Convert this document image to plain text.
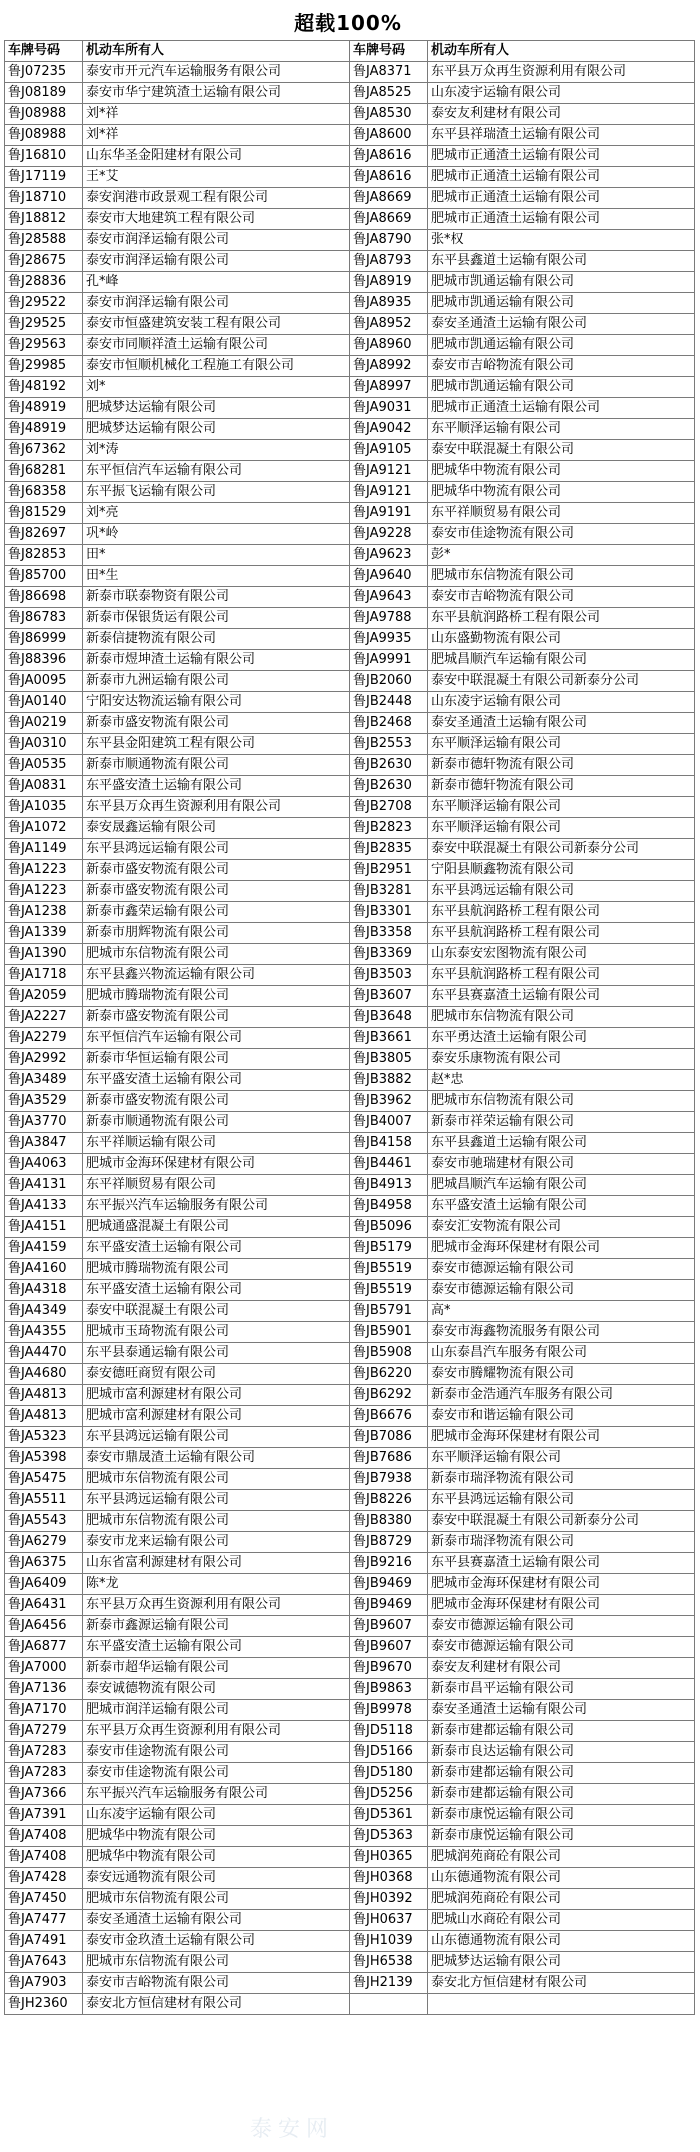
超载100%
车牌号码	机动车所有人	车牌号码	机动车所有人
鲁J07235	泰安市开元汽车运输服务有限公司	鲁JA8371	东平县万众再生资源利用有限公司
鲁J08189	泰安市华宁建筑渣土运输有限公司	鲁JA8525	山东凌宇运输有限公司
鲁J08988	刘*祥	鲁JA8530	泰安友利建材有限公司
鲁J08988	刘*祥	鲁JA8600	东平县祥瑞渣土运输有限公司
鲁J16810	山东华圣金阳建材有限公司	鲁JA8616	肥城市正通渣土运输有限公司
鲁J17119	王*艾	鲁JA8616	肥城市正通渣土运输有限公司
鲁J18710	泰安润港市政景观工程有限公司	鲁JA8669	肥城市正通渣土运输有限公司
鲁J18812	泰安市大地建筑工程有限公司	鲁JA8669	肥城市正通渣土运输有限公司
鲁J28588	泰安市润泽运输有限公司	鲁JA8790	张*权
鲁J28675	泰安市润泽运输有限公司	鲁JA8793	东平县鑫道土运输有限公司
鲁J28836	孔*峰	鲁JA8919	肥城市凯通运输有限公司
鲁J29522	泰安市润泽运输有限公司	鲁JA8935	肥城市凯通运输有限公司
鲁J29525	泰安市恒盛建筑安装工程有限公司	鲁JA8952	泰安圣通渣土运输有限公司
鲁J29563	泰安市同顺祥渣土运输有限公司	鲁JA8960	肥城市凯通运输有限公司
鲁J29985	泰安市恒顺机械化工程施工有限公司	鲁JA8992	泰安市吉峪物流有限公司
鲁J48192	刘*	鲁JA8997	肥城市凯通运输有限公司
鲁J48919	肥城梦达运输有限公司	鲁JA9031	肥城市正通渣土运输有限公司
鲁J48919	肥城梦达运输有限公司	鲁JA9042	东平顺泽运输有限公司
鲁J67362	刘*涛	鲁JA9105	泰安中联混凝土有限公司
鲁J68281	东平恒信汽车运输有限公司	鲁JA9121	肥城华中物流有限公司
鲁J68358	东平振飞运输有限公司	鲁JA9121	肥城华中物流有限公司
鲁J81529	刘*亮	鲁JA9191	东平祥顺贸易有限公司
鲁J82697	巩*岭	鲁JA9228	泰安市佳途物流有限公司
鲁J82853	田*	鲁JA9623	彭*
鲁J85700	田*生	鲁JA9640	肥城市东信物流有限公司
鲁J86698	新泰市联泰物资有限公司	鲁JA9643	泰安市吉峪物流有限公司
鲁J86783	新泰市保银货运有限公司	鲁JA9788	东平县航润路桥工程有限公司
鲁J86999	新泰信捷物流有限公司	鲁JA9935	山东盛勤物流有限公司
鲁J88396	新泰市煜坤渣土运输有限公司	鲁JA9991	肥城昌顺汽车运输有限公司
鲁JA0095	新泰市九洲运输有限公司	鲁JB2060	泰安中联混凝土有限公司新泰分公司
鲁JA0140	宁阳安达物流运输有限公司	鲁JB2448	山东凌宇运输有限公司
鲁JA0219	新泰市盛安物流有限公司	鲁JB2468	泰安圣通渣土运输有限公司
鲁JA0310	东平县金阳建筑工程有限公司	鲁JB2553	东平顺泽运输有限公司
鲁JA0535	新泰市顺通物流有限公司	鲁JB2630	新泰市德轩物流有限公司
鲁JA0831	东平盛安渣土运输有限公司	鲁JB2630	新泰市德轩物流有限公司
鲁JA1035	东平县万众再生资源利用有限公司	鲁JB2708	东平顺泽运输有限公司
鲁JA1072	泰安晟鑫运输有限公司	鲁JB2823	东平顺泽运输有限公司
鲁JA1149	东平县鸿远运输有限公司	鲁JB2835	泰安中联混凝土有限公司新泰分公司
鲁JA1223	新泰市盛安物流有限公司	鲁JB2951	宁阳县顺鑫物流有限公司
鲁JA1223	新泰市盛安物流有限公司	鲁JB3281	东平县鸿远运输有限公司
鲁JA1238	新泰市鑫荣运输有限公司	鲁JB3301	东平县航润路桥工程有限公司
鲁JA1339	新泰市朋辉物流有限公司	鲁JB3358	东平县航润路桥工程有限公司
鲁JA1390	肥城市东信物流有限公司	鲁JB3369	山东泰安宏图物流有限公司
鲁JA1718	东平县鑫兴物流运输有限公司	鲁JB3503	东平县航润路桥工程有限公司
鲁JA2059	肥城市腾瑞物流有限公司	鲁JB3607	东平县赛嘉渣土运输有限公司
鲁JA2227	新泰市盛安物流有限公司	鲁JB3648	肥城市东信物流有限公司
鲁JA2279	东平恒信汽车运输有限公司	鲁JB3661	东平勇达渣土运输有限公司
鲁JA2992	新泰市华恒运输有限公司	鲁JB3805	泰安乐康物流有限公司
鲁JA3489	东平盛安渣土运输有限公司	鲁JB3882	赵*忠
鲁JA3529	新泰市盛安物流有限公司	鲁JB3962	肥城市东信物流有限公司
鲁JA3770	新泰市顺通物流有限公司	鲁JB4007	新泰市祥荣运输有限公司
鲁JA3847	东平祥顺运输有限公司	鲁JB4158	东平县鑫道土运输有限公司
鲁JA4063	肥城市金海环保建材有限公司	鲁JB4461	泰安市驰瑞建材有限公司
鲁JA4131	东平祥顺贸易有限公司	鲁JB4913	肥城昌顺汽车运输有限公司
鲁JA4133	东平振兴汽车运输服务有限公司	鲁JB4958	东平盛安渣土运输有限公司
鲁JA4151	肥城通盛混凝土有限公司	鲁JB5096	泰安汇安物流有限公司
鲁JA4159	东平盛安渣土运输有限公司	鲁JB5179	肥城市金海环保建材有限公司
鲁JA4160	肥城市腾瑞物流有限公司	鲁JB5519	泰安市德源运输有限公司
鲁JA4318	东平盛安渣土运输有限公司	鲁JB5519	泰安市德源运输有限公司
鲁JA4349	泰安中联混凝土有限公司	鲁JB5791	高*
鲁JA4355	肥城市玉琦物流有限公司	鲁JB5901	泰安市海鑫物流服务有限公司
鲁JA4470	东平县泰通运输有限公司	鲁JB5908	山东泰昌汽车服务有限公司
鲁JA4680	泰安德旺商贸有限公司	鲁JB6220	泰安市腾耀物流有限公司
鲁JA4813	肥城市富利源建材有限公司	鲁JB6292	新泰市金浩通汽车服务有限公司
鲁JA4813	肥城市富利源建材有限公司	鲁JB6676	泰安市和谐运输有限公司
鲁JA5323	东平县鸿远运输有限公司	鲁JB7086	肥城市金海环保建材有限公司
鲁JA5398	泰安市鼎晟渣土运输有限公司	鲁JB7686	东平顺泽运输有限公司
鲁JA5475	肥城市东信物流有限公司	鲁JB7938	新泰市瑞泽物流有限公司
鲁JA5511	东平县鸿远运输有限公司	鲁JB8226	东平县鸿远运输有限公司
鲁JA5543	肥城市东信物流有限公司	鲁JB8380	泰安中联混凝土有限公司新泰分公司
鲁JA6279	泰安市龙来运输有限公司	鲁JB8729	新泰市瑞泽物流有限公司
鲁JA6375	山东省富利源建材有限公司	鲁JB9216	东平县赛嘉渣土运输有限公司
鲁JA6409	陈*龙	鲁JB9469	肥城市金海环保建材有限公司
鲁JA6431	东平县万众再生资源利用有限公司	鲁JB9469	肥城市金海环保建材有限公司
鲁JA6456	新泰市鑫源运输有限公司	鲁JB9607	泰安市德源运输有限公司
鲁JA6877	东平盛安渣土运输有限公司	鲁JB9607	泰安市德源运输有限公司
鲁JA7000	新泰市超华运输有限公司	鲁JB9670	泰安友利建材有限公司
鲁JA7136	泰安诚德物流有限公司	鲁JB9863	新泰市昌平运输有限公司
鲁JA7170	肥城市润洋运输有限公司	鲁JB9978	泰安圣通渣土运输有限公司
鲁JA7279	东平县万众再生资源利用有限公司	鲁JD5118	新泰市建都运输有限公司
鲁JA7283	泰安市佳途物流有限公司	鲁JD5166	新泰市良达运输有限公司
鲁JA7283	泰安市佳途物流有限公司	鲁JD5180	新泰市建都运输有限公司
鲁JA7366	东平振兴汽车运输服务有限公司	鲁JD5256	新泰市建都运输有限公司
鲁JA7391	山东凌宇运输有限公司	鲁JD5361	新泰市康悦运输有限公司
鲁JA7408	肥城华中物流有限公司	鲁JD5363	新泰市康悦运输有限公司
鲁JA7408	肥城华中物流有限公司	鲁JH0365	肥城润苑商砼有限公司
鲁JA7428	泰安远通物流有限公司	鲁JH0368	山东德通物流有限公司
鲁JA7450	肥城市东信物流有限公司	鲁JH0392	肥城润苑商砼有限公司
鲁JA7477	泰安圣通渣土运输有限公司	鲁JH0637	肥城山水商砼有限公司
鲁JA7491	泰安市金玖渣土运输有限公司	鲁JH1039	山东德通物流有限公司
鲁JA7643	肥城市东信物流有限公司	鲁JH6538	肥城梦达运输有限公司
鲁JA7903	泰安市吉峪物流有限公司	鲁JH2139	泰安北方恒信建材有限公司
鲁JH2360	泰安北方恒信建材有限公司		
泰安网
